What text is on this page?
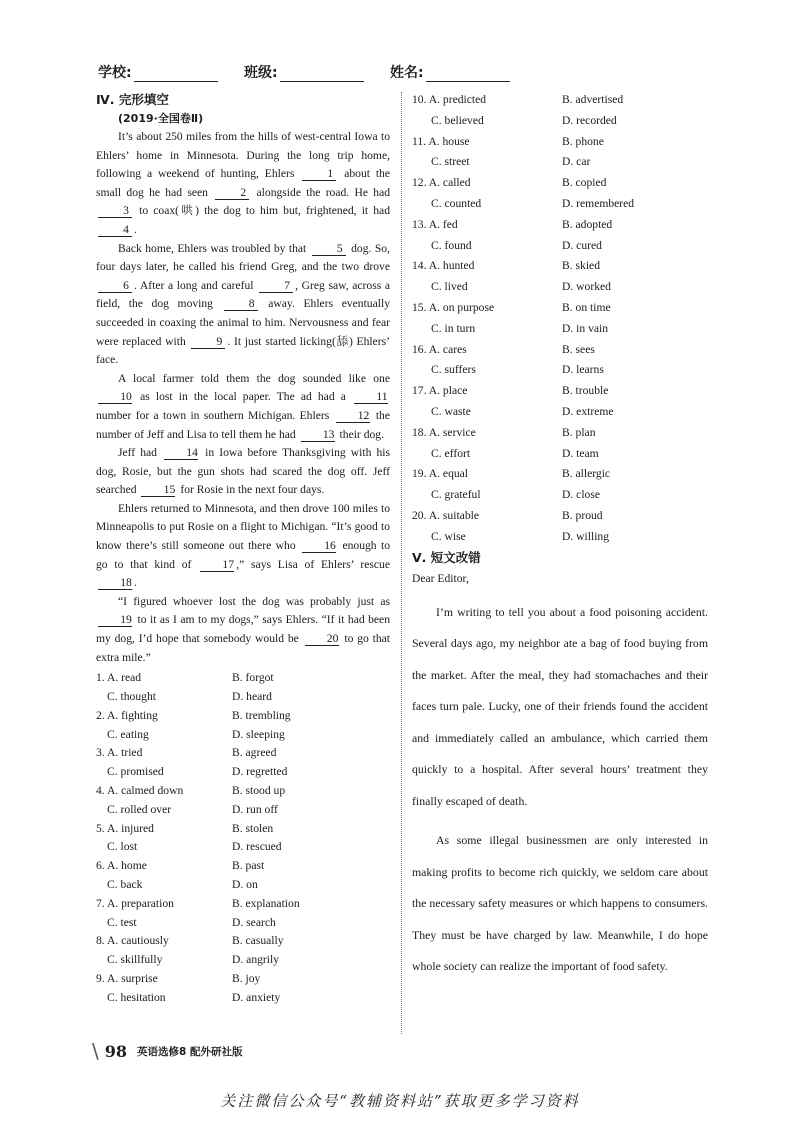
学校:	班级:	姓名:
Ⅳ. 完形填空
(2019·全国卷Ⅱ)

It’s about 250 miles from the hills of west-central Iowa to Ehlers’ home in Minnesota. During the long trip home, following a weekend of hunting, Ehlers	1 about the small dog he had seen	2 alongside the road. He had 3 to coax(哄) the dog to him but, frightened, it had 4 .

Back home, Ehlers was troubled by that	5 dog. So, four days later, he called his friend Greg, and the two drove 6 . After a long and careful	7 , Greg saw, across a field, the dog moving	8 away. Ehlers eventually succeeded in coaxing the animal to him. Nervousness and fear were replaced with	9 . It just started licking(舔) Ehlers’ face.

A local farmer told them the dog sounded like one 10 as lost in the local paper. The ad had a	11 number for a town in southern Michigan. Ehlers 12 the number of Jeff and Lisa to tell them he had 13 their dog.

Jeff had	14 in Iowa before Thanksgiving with his dog, Rosie, but the gun shots had scared the dog off. Jeff searched 15 for Rosie in the next four days.

Ehlers returned to Minnesota, and then drove 100 miles to Minneapolis to put Rosie on a flight to Michigan. “It’s good to know there’s still someone out there who 16 enough to go to that kind of	17 ,” says Lisa of Ehlers’ rescue 18 .

“I figured whoever lost the dog was probably just as 19 to it as I am to my dogs,” says Ehlers. “If it had been my dog, I’d hope that somebody would be 20 to go that extra mile.”

1. A. read	B. forgot
C. thought	D. heard
2. A. fighting	B. trembling
C. eating	D. sleeping
3. A. tried	B. agreed
C. promised	D. regretted
4. A. calmed down	B. stood up
C. rolled over	D. run off
5. A. injured	B. stolen
C. lost	D. rescued
6. A. home	B. past
C. back	D. on
7. A. preparation	B. explanation
C. test	D. search
8. A. cautiously	B. casually
C. skillfully	D. angrily
9. A. surprise	B. joy
C. hesitation	D. anxiety
10. A. predicted	B. advertised
C. believed	D. recorded
11. A. house	B. phone
C. street	D. car
12. A. called	B. copied
C. counted	D. remembered
13. A. fed	B. adopted
C. found	D. cured
14. A. hunted	B. skied
C. lived	D. worked
15. A. on purpose	B. on time
C. in turn	D. in vain
16. A. cares	B. sees
C. suffers	D. learns
17. A. place	B. trouble
C. waste	D. extreme
18. A. service	B. plan
C. effort	D. team
19. A. equal	B. allergic
C. grateful	D. close
20. A. suitable	B. proud
C. wise	D. willing
Ⅴ. 短文改错
Dear Editor,

I’m writing to tell you about a food poisoning accident. Several days ago, my neighbor ate a bag of food buying from the market. After the meal, they had stomachaches and their faces turn pale. Lucky, one of their friends found the accident and immediately called an ambulance, which carried them quickly to a hospital. After several hours’ treatment they finally escaped of death.

As some illegal businessmen are only interested in making profits to become rich quickly, we seldom care about the necessary safety measures or which happens to consumers. They must be have charged by law. Meanwhile, I do hope whole society can realize the important of food safety.

\ 98 英语选修8 配外研社版
关注微信公众号“教辅资料站”获取更多学习资料
